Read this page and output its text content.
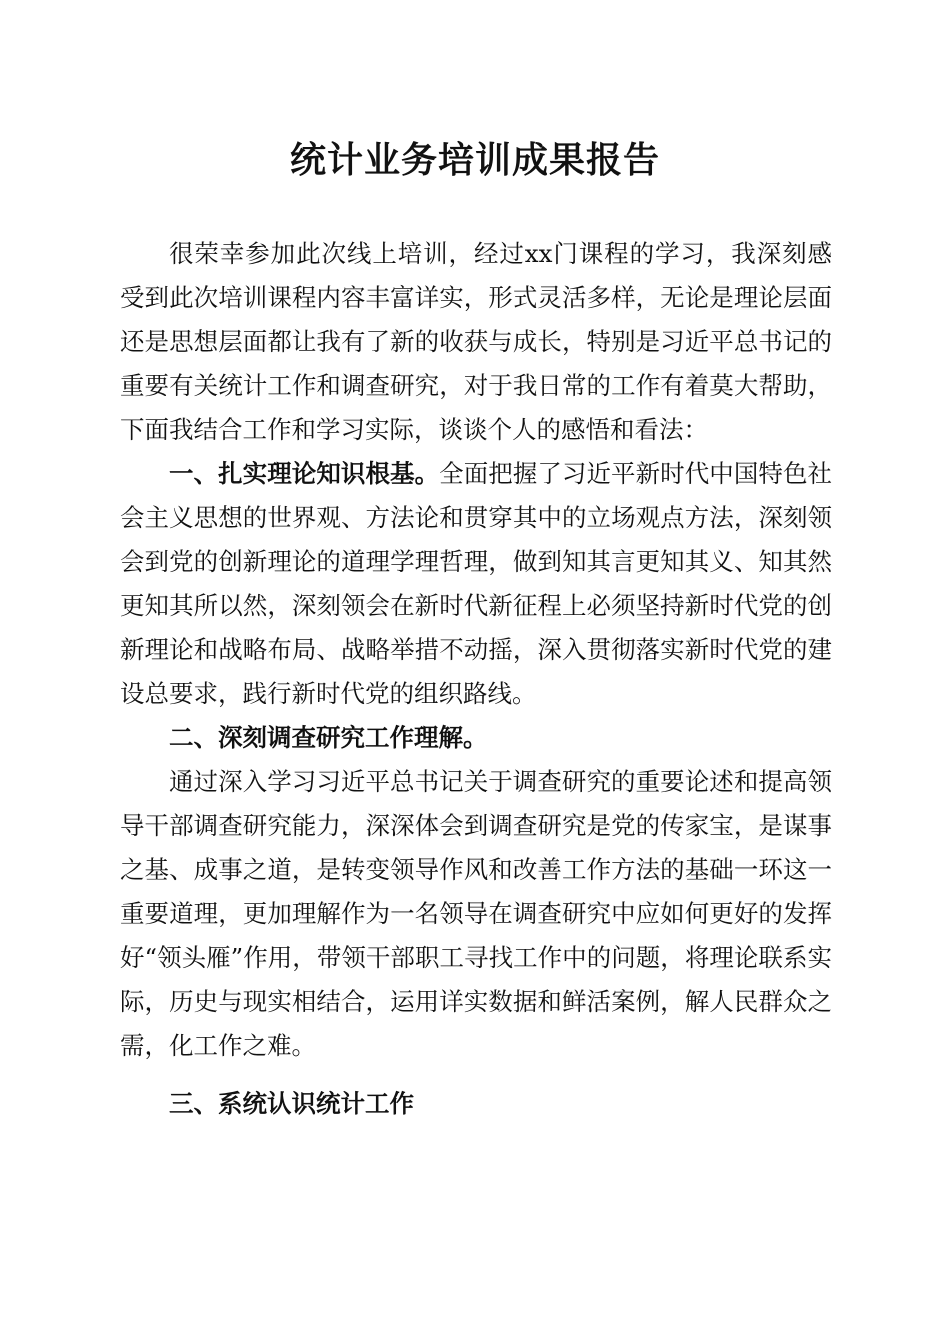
统计业务培训成果报告

很荣幸参加此次线上培训，经过xx门课程的学习，我深刻感受到此次培训课程内容丰富详实，形式灵活多样，无论是理论层面还是思想层面都让我有了新的收获与成长，特别是习近平总书记的重要有关统计工作和调查研究，对于我日常的工作有着莫大帮助，下面我结合工作和学习实际，谈谈个人的感悟和看法：

一、扎实理论知识根基。全面把握了习近平新时代中国特色社会主义思想的世界观、方法论和贯穿其中的立场观点方法，深刻领会到党的创新理论的道理学理哲理，做到知其言更知其义、知其然更知其所以然，深刻领会在新时代新征程上必须坚持新时代党的创新理论和战略布局、战略举措不动摇，深入贯彻落实新时代党的建设总要求，践行新时代党的组织路线。

二、深刻调查研究工作理解。

通过深入学习习近平总书记关于调查研究的重要论述和提高领导干部调查研究能力，深深体会到调查研究是党的传家宝，是谋事之基、成事之道，是转变领导作风和改善工作方法的基础一环这一重要道理，更加理解作为一名领导在调查研究中应如何更好的发挥好“领头雁”作用，带领干部职工寻找工作中的问题，将理论联系实际，历史与现实相结合，运用详实数据和鲜活案例，解人民群众之需，化工作之难。

三、系统认识统计工作
